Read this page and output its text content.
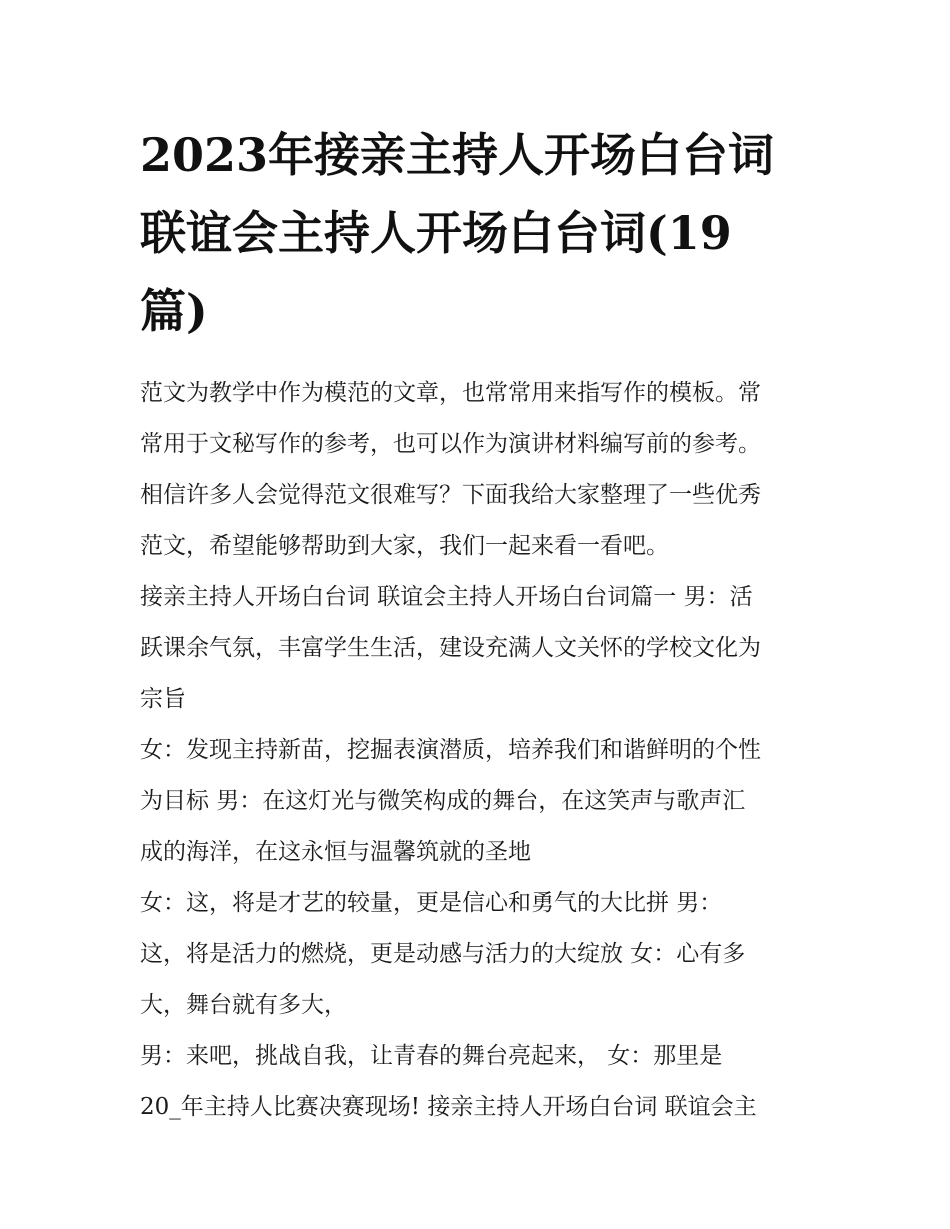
2023年接亲主持人开场白台词
联谊会主持人开场白台词(19
篇)
范文为教学中作为模范的文章，也常常用来指写作的模板。常
常用于文秘写作的参考，也可以作为演讲材料编写前的参考。
相信许多人会觉得范文很难写？下面我给大家整理了一些优秀
范文，希望能够帮助到大家，我们一起来看一看吧。
接亲主持人开场白台词 联谊会主持人开场白台词篇一 男：活
跃课余气氛，丰富学生生活，建设充满人文关怀的学校文化为
宗旨
女：发现主持新苗，挖掘表演潜质，培养我们和谐鲜明的个性
为目标 男：在这灯光与微笑构成的舞台，在这笑声与歌声汇
成的海洋，在这永恒与温馨筑就的圣地
女：这，将是才艺的较量，更是信心和勇气的大比拼 男：
这，将是活力的燃烧，更是动感与活力的大绽放 女：心有多
大，舞台就有多大，
男：来吧，挑战自我，让青春的舞台亮起来， 女：那里是
20_年主持人比赛决赛现场! 接亲主持人开场白台词 联谊会主
